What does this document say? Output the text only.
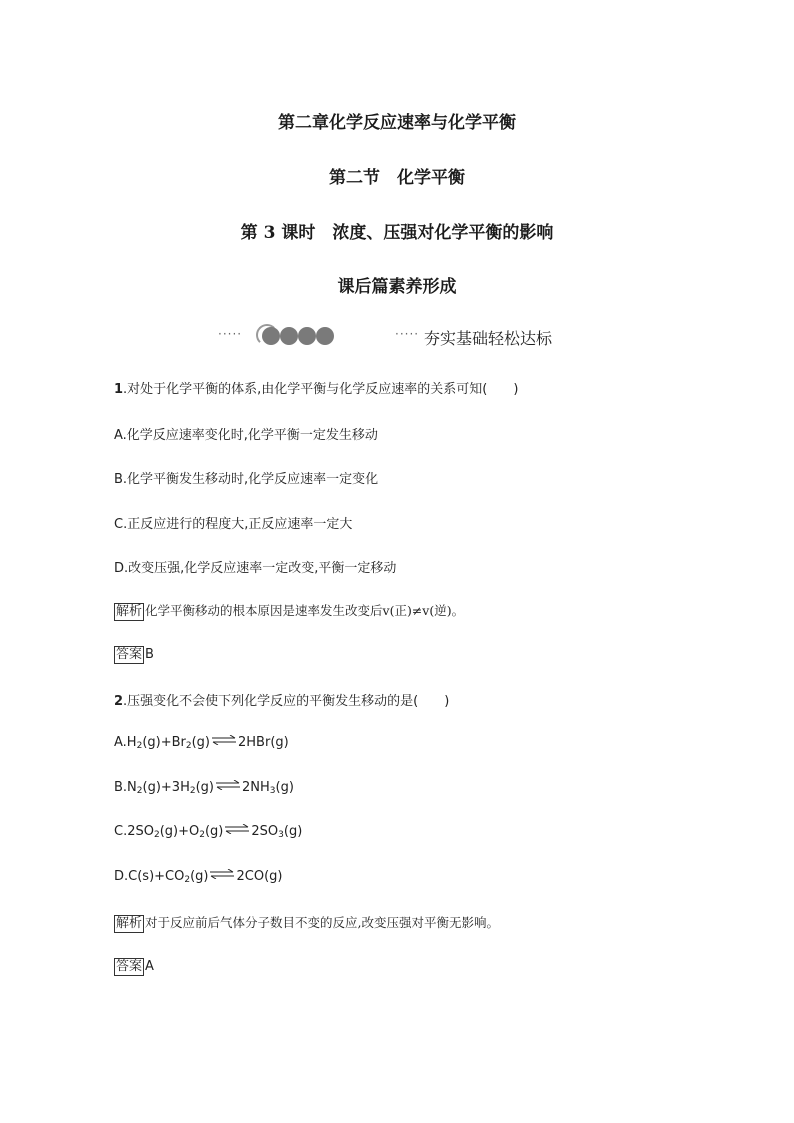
第二章化学反应速率与化学平衡
第二节　化学平衡
第 3 课时　浓度、压强对化学平衡的影响
课后篇素养形成
·····	····· 夯实基础轻松达标
1.对处于化学平衡的体系,由化学平衡与化学反应速率的关系可知(　　)
A.化学反应速率变化时,化学平衡一定发生移动
B.化学平衡发生移动时,化学反应速率一定变化
C.正反应进行的程度大,正反应速率一定大
D.改变压强,化学反应速率一定改变,平衡一定移动
解析 化学平衡移动的根本原因是速率发生改变后v(正)≠v(逆)。
答案 B
2.压强变化不会使下列化学反应的平衡发生移动的是(　　)
$A.H_2(g)+Br_2(g)\rightleftharpoons 2HBr(g)$
$B.N_2(g)+3H_2(g)\rightleftharpoons 2NH_3(g)$
$C.2SO_2(g)+O_2(g)\rightleftharpoons 2SO_3(g)$
$D.C(s)+CO_2(g)\rightleftharpoons 2CO(g)$
解析 对于反应前后气体分子数目不变的反应,改变压强对平衡无影响。
答案 A
